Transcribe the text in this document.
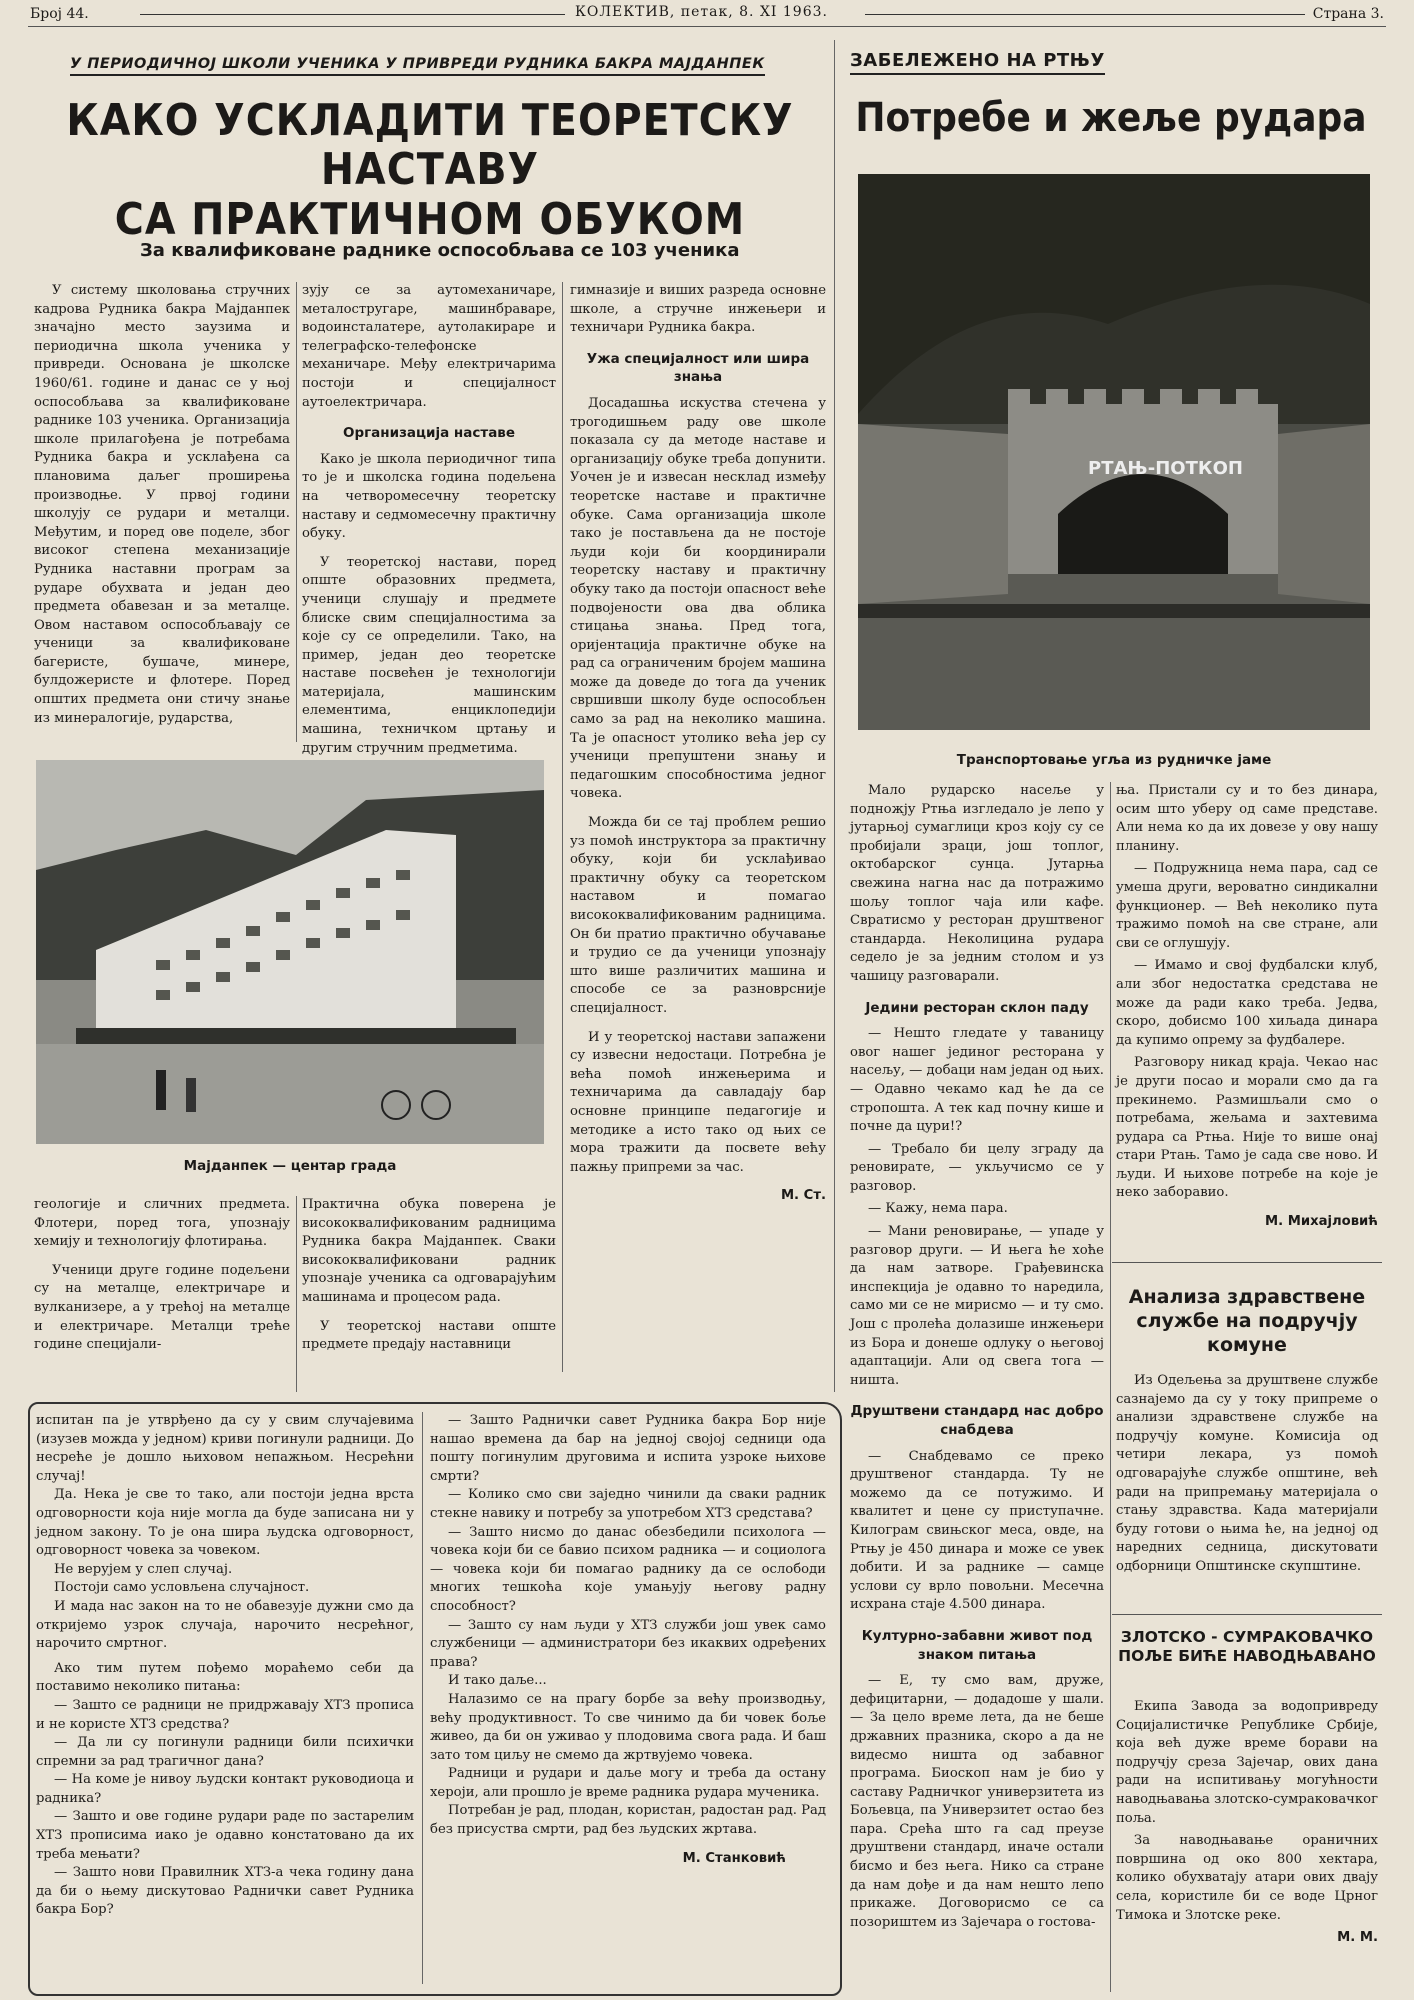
Број 44.	КОЛЕКТИВ, петак, 8. XI 1963.	Страна 3.
У ПЕРИОДИЧНОЈ ШКОЛИ УЧЕНИКА У ПРИВРЕДИ РУДНИКА БАКРА МАЈДАНПЕК
КАКО УСКЛАДИТИ ТЕОРЕТСКУ НАСТАВУ
СА ПРАКТИЧНОМ ОБУКОМ
За квалификоване раднике оспособљава се 103 ученика

У систему школовања стручних кадрова Рудника бакра Мајданпек значајно место заузима и периодична школа ученика у привреди. Основана је школске 1960/61. године и данас се у њој оспособљава за квалификоване раднике 103 ученика. Организација школе прилагођена је потребама Рудника бакра и усклађена са плановима даљег проширења производње. У првој години школују се рудари и металци. Међутим, и поред ове поделе, због високог степена механизације Рудника наставни програм за рударе обухвата и један део предмета обавезан и за металце. Овом наставом оспособљавају се ученици за квалификоване багеристе, бушаче, минере, булдожеристе и флотере. Поред општих предмета они стичу знање из минералогије, рударства,

зују се за аутомеханичаре, металостругаре, машинбраваре, водоинсталатере, аутолакираре и телеграфско-телефонске механичаре. Међу електричарима постоји и специјалност аутоелектричара.

Организација наставе

Како је школа периодичног типа то је и школска година подељена на четворомесечну теоретску наставу и седмомесечну практичну обуку.

У теоретској настави, поред опште образовних предмета, ученици слушају и предмете блиске свим специјалностима за које су се определили. Тако, на пример, један део теоретске наставе посвећен је технологији материјала, машинским елементима, енциклопедији машина, техничком цртању и другим стручним предметима.

гимназије и виших разреда основне школе, а стручне инжењери и техничари Рудника бакра.

Ужа специјалност или шира знања

Досадашња искуства стечена у трогодишњем раду ове школе показала су да методе наставе и организацију обуке треба допунити. Уочен је и извесан несклад између теоретске наставе и практичне обуке. Сама организација школе тако је постављена да не постоје људи који би координирали теоретску наставу и практичну обуку тако да постоји опасност веће подвојености ова два облика стицања знања. Пред тога, оријентација практичне обуке на рад са ограниченим бројем машина може да доведе до тога да ученик свршивши школу буде оспособљен само за рад на неколико машина. Та је опасност утолико већа јер су ученици препуштени знању и педагошким способностима једног човека.

Можда би се тај проблем решио уз помоћ инструктора за практичну обуку, који би усклађивао практичну обуку са теоретском наставом и помагао висококвалификованим радницима. Он би пратио практично обучавање и трудио се да ученици упознају што више различитих машина и способе се за разноврсније специјалност.

И у теоретској настави запажени су извесни недостаци. Потребна је већа помоћ инжењерима и техничарима да савладају бар основне принципе педагогије и методике а исто тако од њих се мора тражити да посвете већу пажњу припреми за час.

М. Ст.
Мајданпек — центар града

геологије и сличних предмета. Флотери, поред тога, упознају хемију и технологију флотирања.

Ученици друге године подељени су на металце, електричаре и вулканизере, а у трећој на металце и електричаре. Металци треће године специјали-

Практична обука поверена је висококвалификованим радницима Рудника бакра Мајданпек. Сваки висококвалификовани радник упознаје ученика са одговарајућим машинама и процесом рада.

У теоретској настави опште предмете предају наставници

ЗАБЕЛЕЖЕНО НА РТЊУ
Потребе и жеље рудара
РТАЊ-ПОТКОП
Транспортовање угља из рудничке јаме

Мало рударско насеље у подножју Ртња изгледало је лепо у јутарњој сумаглици кроз коју су се пробијали зраци, још топлог, октобарског сунца. Јутарња свежина нагна нас да потражимо шољу топлог чаја или кафе. Свратисмо у ресторан друштвеног стандарда. Неколицина рудара седело је за једним столом и уз чашицу разговарали.

Једини ресторан склон паду

— Нешто гледате у таваницу овог нашег јединог ресторана у насељу, — добаци нам један од њих. — Одавно чекамо кад ће да се стропошта. А тек кад почну кише и почне да цури!?

— Требало би целу зграду да реновирате, — укључисмо се у разговор.

— Кажу, нема пара.

— Мани реновирање, — упаде у разговор други. — И њега ће хоће да нам затворе. Грађевинска инспекција је одавно то наредила, само ми се не мирисмо — и ту смо. Још с пролећа долазише инжењери из Бора и донеше одлуку о његовој адаптацији. Али од свега тога — ништа.

Друштвени стандард нас добро снабдева

— Снабдевамо се преко друштвеног стандарда. Ту не можемо да се потужимо. И квалитет и цене су приступачне. Килограм свињског меса, овде, на Ртњу је 450 динара и може се увек добити. И за раднике — самце услови су врло повољни. Месечна исхрана стаје 4.500 динара.

Културно-забавни живот под знаком питања

— Е, ту смо вам, друже, дефицитарни, — додадоше у шали. — За цело време лета, да не беше државних празника, скоро а да не видесмо ништа од забавног програма. Биоскоп нам је био у саставу Радничког универзитета из Бољевца, па Универзитет остао без пара. Срећа што га сад преузе друштвени стандард, иначе остали бисмо и без њега. Нико са стране да нам дође и да нам нешто лепо прикаже. Договорисмо се са позориштем из Зајечара о гостова-

ња. Пристали су и то без динара, осим што уберу од саме представе. Али нема ко да их довезе у ову нашу планину.

— Подружница нема пара, сад се умеша други, вероватно синдикални функционер. — Већ неколико пута тражимо помоћ на све стране, али сви се оглушују.

— Имамо и свој фудбалски клуб, али због недостатка средстава не може да ради како треба. Једва, скоро, добисмо 100 хиљада динара да купимо опрему за фудбалере.

Разговору никад краја. Чекао нас је други посао и морали смо да га прекинемо. Размишљали смо о потребама, жељама и захтевима рудара са Ртња. Није то више онај стари Ртањ. Тамо је сада све ново. И људи. И њихове потребе на које је неко заборавио.

М. Михајловић
Анализа здравствене службе на подручју комуне

Из Одељења за друштвене службе сазнајемо да су у току припреме о анализи здравствене службе на подручју комуне. Комисија од четири лекара, уз помоћ одговарајуће службе општине, већ ради на припремању материјала о стању здравства. Када материјали буду готови о њима ће, на једној од наредних седница, дискутовати одборници Општинске скупштине.

ЗЛОТСКО - СУМРАКОВАЧКО ПОЉЕ БИЋЕ НАВОДЊАВАНО

Екипа Завода за водопривреду Социјалистичке Републике Србије, која већ дуже време борави на подручју среза Зајечар, ових дана ради на испитивању могућности наводњавања злотско-сумраковачког поља.

За наводњавање ораничних површина од око 800 хектара, колико обухватају атари ових двају села, користиле би се воде Црног Тимока и Злотске реке.

М. М.

испитан па је утврђено да су у свим случајевима (изузев можда у једном) криви погинули радници. До несреће је дошло њиховом непажњом. Несрећни случај!

Да. Нека је све то тако, али постоји једна врста одговорности која није могла да буде записана ни у једном закону. То је она шира људска одговорност, одговорност човека за човеком.

Не верујем у слеп случај.

Постоји само условљена случајност.

И мада нас закон на то не обавезује дужни смо да откријемо узрок случаја, нарочито несрећног, нарочито смртног.

Ако тим путем пођемо мораћемо себи да поставимо неколико питања:

— Зашто се радници не придржавају ХТЗ прописа и не користе ХТЗ средства?

— Да ли су погинули радници били психички спремни за рад трагичног дана?

— На коме је нивоу људски контакт руководиоца и радника?

— Зашто и ове године рудари раде по застарелим ХТЗ прописима иако је одавно констатовано да их треба мењати?

— Зашто нови Правилник ХТЗ-а чека годину дана да би о њему дискутовао Раднички савет Рудника бакра Бор?

— Зашто Раднички савет Рудника бакра Бор није нашао времена да бар на једној својој седници ода пошту погинулим друговима и испита узроке њихове смрти?

— Колико смо сви заједно чинили да сваки радник стекне навику и потребу за употребом ХТЗ средстава?

— Зашто нисмо до данас обезбедили психолога — човека који би се бавио психом радника — и социолога — човека који би помагао раднику да се ослободи многих тешкоћа које умањују његову радну способност?

— Зашто су нам људи у ХТЗ служби још увек само службеници — администратори без икаквих одређених права?

И тако даље...

Налазимо се на прагу борбе за већу производњу, већу продуктивност. То све чинимо да би човек боље живео, да би он уживао у плодовима свога рада. И баш зато том циљу не смемо да жртвујемо човека.

Радници и рудари и даље могу и треба да остану хероји, али прошло је време радника рудара мученика.

Потребан је рад, плодан, користан, радостан рад. Рад без присуства смрти, рад без људских жртава.

М. Станковић
